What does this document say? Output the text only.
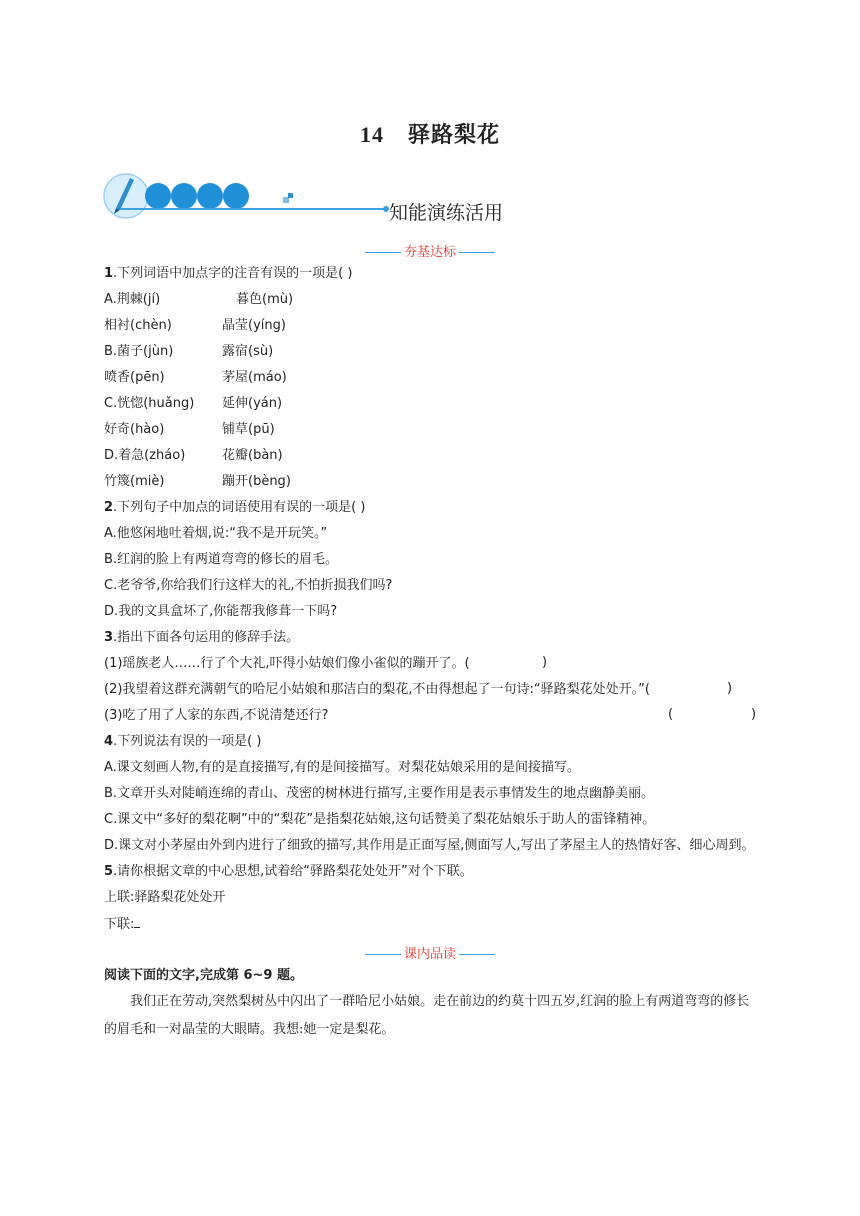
14 驿路梨花
知能演练活用
夯基达标
1.下列词语中加点字的注音有误的一项是( )
A.荆棘(jí)	暮色(mù)
相衬(chèn)	晶莹(yíng)
B.菌子(jùn)	露宿(sù)
喷香(pēn)	茅屋(máo)
C.恍惚(huǎng) 延伸(yán)
好奇(hào)	铺草(pū)
D.着急(zháo)	花瓣(bàn)
竹篾(miè)	蹦开(bèng)
2.下列句子中加点的词语使用有误的一项是( )
A.他悠闲地吐着烟,说:“我不是开玩笑。”
B.红润的脸上有两道弯弯的修长的眉毛。
C.老爷爷,你给我们行这样大的礼,不怕折损我们吗?
D.我的文具盒坏了,你能帮我修葺一下吗?
3.指出下面各句运用的修辞手法。
(1)瑶族老人……行了个大礼,吓得小姑娘们像小雀似的蹦开了。(	)
(2)我望着这群充满朝气的哈尼小姑娘和那洁白的梨花,不由得想起了一句诗:“驿路梨花处处开。”(	)
(3)吃了用了人家的东西,不说清楚还行?	(	)
4.下列说法有误的一项是( )
A.课文刻画人物,有的是直接描写,有的是间接描写。对梨花姑娘采用的是间接描写。
B.文章开头对陡峭连绵的青山、茂密的树林进行描写,主要作用是表示事情发生的地点幽静美丽。
C.课文中“多好的梨花啊”中的“梨花”是指梨花姑娘,这句话赞美了梨花姑娘乐于助人的雷锋精神。
D.课文对小茅屋由外到内进行了细致的描写,其作用是正面写屋,侧面写人,写出了茅屋主人的热情好客、细心周到。
5.请你根据文章的中心思想,试着给“驿路梨花处处开”对个下联。
上联:驿路梨花处处开
下联:
课内品读
阅读下面的文字,完成第 6~9 题。
我们正在劳动,突然梨树丛中闪出了一群哈尼小姑娘。走在前边的约莫十四五岁,红润的脸上有两道弯弯的修长的眉毛和一对晶莹的大眼睛。我想:她一定是梨花。
